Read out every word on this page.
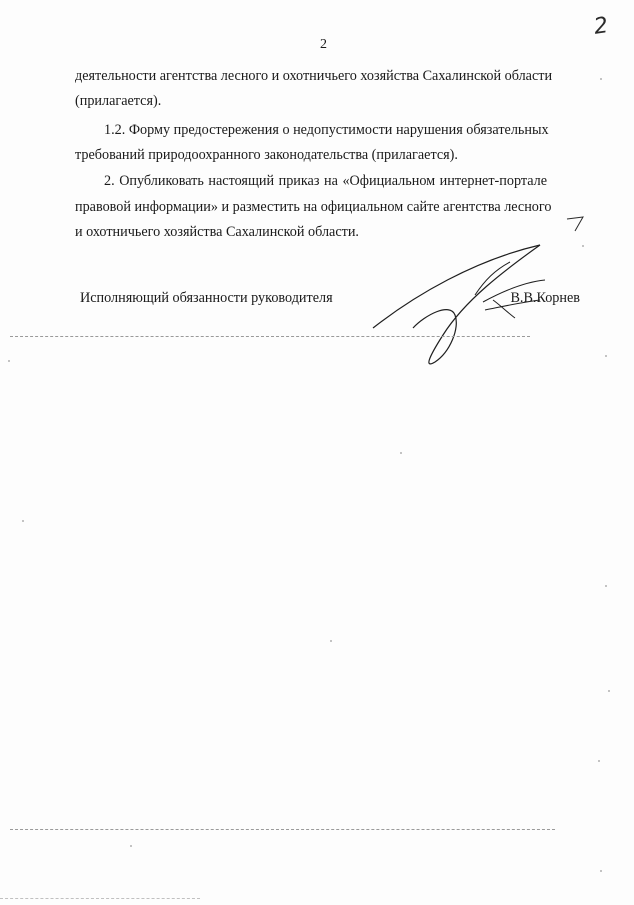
2
2
деятельности агентства лесного и охотничьего хозяйства Сахалинской области
(прилагается).
1.2. Форму предостережения о недопустимости нарушения обязательных
требований природоохранного законодательства (прилагается).
2. Опубликовать настоящий приказ на «Официальном интернет-портале
правовой информации» и разместить на официальном сайте агентства лесного
и охотничьего хозяйства Сахалинской области.
Исполняющий обязанности руководителя	В.В.Корнев
